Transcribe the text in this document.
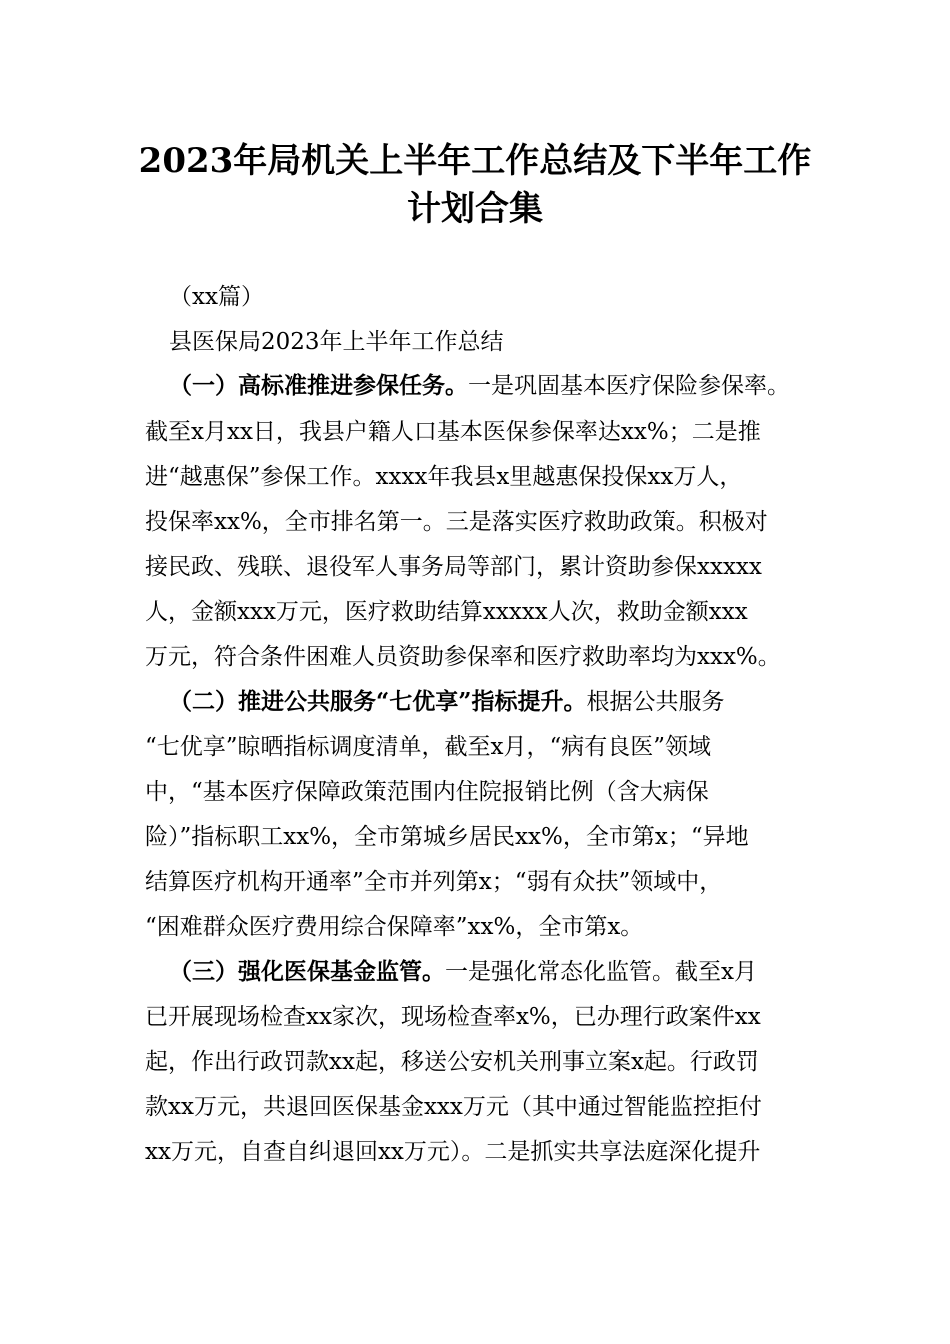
2023年局机关上半年工作总结及下半年工作
计划合集
（xx篇）
县医保局2023年上半年工作总结
（一）高标准推进参保任务。一是巩固基本医疗保险参保率。
截至x月xx日，我县户籍人口基本医保参保率达xx%；二是推
进“越惠保”参保工作。xxxx年我县x里越惠保投保xx万人，
投保率xx%，全市排名第一。三是落实医疗救助政策。积极对
接民政、残联、退役军人事务局等部门，累计资助参保xxxxx
人，金额xxx万元，医疗救助结算xxxxx人次，救助金额xxx
万元，符合条件困难人员资助参保率和医疗救助率均为xxx%。
（二）推进公共服务“七优享”指标提升。根据公共服务
“七优享”晾晒指标调度清单，截至x月，“病有良医”领域
中，“基本医疗保障政策范围内住院报销比例（含大病保
险）”指标职工xx%，全市第城乡居民xx%，全市第x；“异地
结算医疗机构开通率”全市并列第x；“弱有众扶”领域中，
“困难群众医疗费用综合保障率”xx%，全市第x。
（三）强化医保基金监管。一是强化常态化监管。截至x月
已开展现场检查xx家次，现场检查率x%，已办理行政案件xx
起，作出行政罚款xx起，移送公安机关刑事立案x起。行政罚
款xx万元，共退回医保基金xxx万元（其中通过智能监控拒付
xx万元，自查自纠退回xx万元）。二是抓实共享法庭深化提升
